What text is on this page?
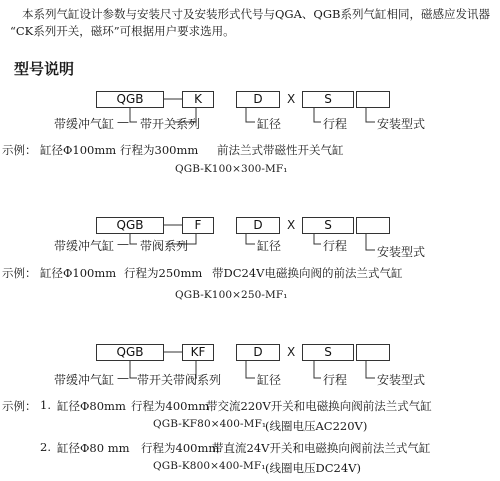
本系列气缸设计参数与安装尺寸及安装形式代号与QGA、QGB系列气缸相同，磁感应发讯器
“CK系列开关，磁环”可根据用户要求选用。
型号说明
QGB	K	D	X	S
带缓冲气缸 — 带开关系列	缸径	行程 安装型式
示例： 缸径Φ100mm 行程为300mm 前法兰式带磁性开关气缸
QGB-K100×300-MF₁
QGB	F	D	X	S
带缓冲气缸 — 带阀系列	缸径	行程 安装型式
示例： 缸径Φ100mm 行程为250mm 带DC24V电磁换向阀的前法兰式气缸
QGB-K100×250-MF₁
QGB	KF	D	X	S
带缓冲气缸 — 带开关带阀系列	缸径	行程 安装型式
示例： 1. 缸径Φ80mm 行程为400mm
带交流220V开关和电磁换向阀前法兰式气缸
QGB-KF80×400-MF₁
(线圈电压AC220V)
2. 缸径Φ80 mm 行程为400mm
带直流24V开关和电磁换向阀前法兰式气缸
QGB-K800×400-MF₁ (线圈电压DC24V)
